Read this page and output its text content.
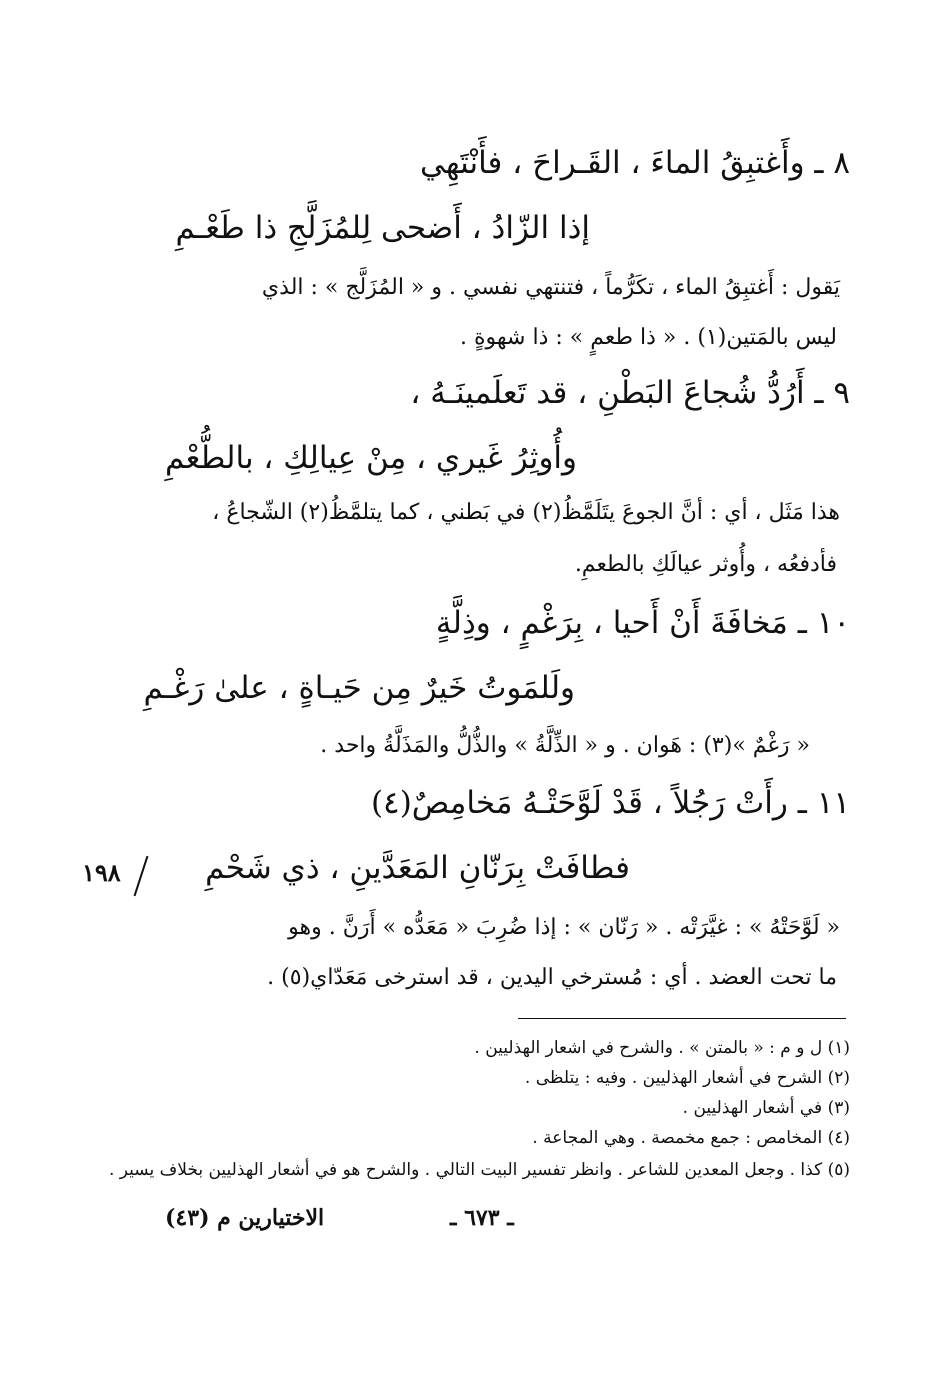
٨ ـ وأَغتبِقُ الماءَ ، القَـراحَ ، فأَنْتَهِي
إذا الزّادُ ، أَضحى لِلمُزَلَّجِ ذا طَعْـمِ
يَقول : أَغتبِقُ الماء ، تكَرُّماً ، فتنتهي نفسي . و « المُزَلَّج » : الذي
ليس بالمَتين(١) . « ذا طعمٍ » : ذا شهوةٍ .
٩ ـ أَرُدُّ شُجاعَ البَطْنِ ، قد تَعلَمينَـهُ ،
وأُوثِرُ غَيري ، مِنْ عِيالِكِ ، بالطُّعْمِ
هذا مَثَل ، أي : أنَّ الجوعَ يتَلَمَّظُ(٢) في بَطني ، كما يتلمَّظُ(٢) الشّجاعُ ،
فأدفعُه ، وأُوثر عيالَكِ بالطعمِ.
١٠ ـ مَخافَةَ أَنْ أَحيا ، بِرَغْمٍ ، وذِلَّةٍ
ولَلمَوتُ خَيرٌ مِن حَيـاةٍ ، علىٰ رَغْـمِ
« رَغْمٌ »(٣) : هَوان . و « الذِّلَّةُ » والذُّلُّ والمَذَلَّةُ واحد .
١١ ـ رأَتْ رَجُلاً ، قَدْ لَوَّحَتْـهُ مَخامِصٌ(٤)
فطافَتْ بِرَنّانِ المَعَدَّينِ ، ذي شَحْمِ
١٩٨
« لَوَّحَتْهُ » : غيَّرَتْه . « رَنّان » : إذا ضُرِبَ « مَعَدُّه » أَرَنَّ . وهو
ما تحت العضد . أي : مُسترخي اليدين ، قد استرخى مَعَدّاي(٥) .
(١) ل و م : « بالمتن » . والشرح في اشعار الهذليين .
(٢) الشرح في أشعار الهذليين . وفيه : يتلظى .
(٣) في أشعار الهذليين .
(٤) المخامص : جمع مخمصة . وهي المجاعة .
(٥) كذا . وجعل المعدين للشاعر . وانظر تفسير البيت التالي . والشرح هو في أشعار الهذليين بخلاف يسير .
ـ ٦٧٣ ـ
الاختيارين م (٤٣)
